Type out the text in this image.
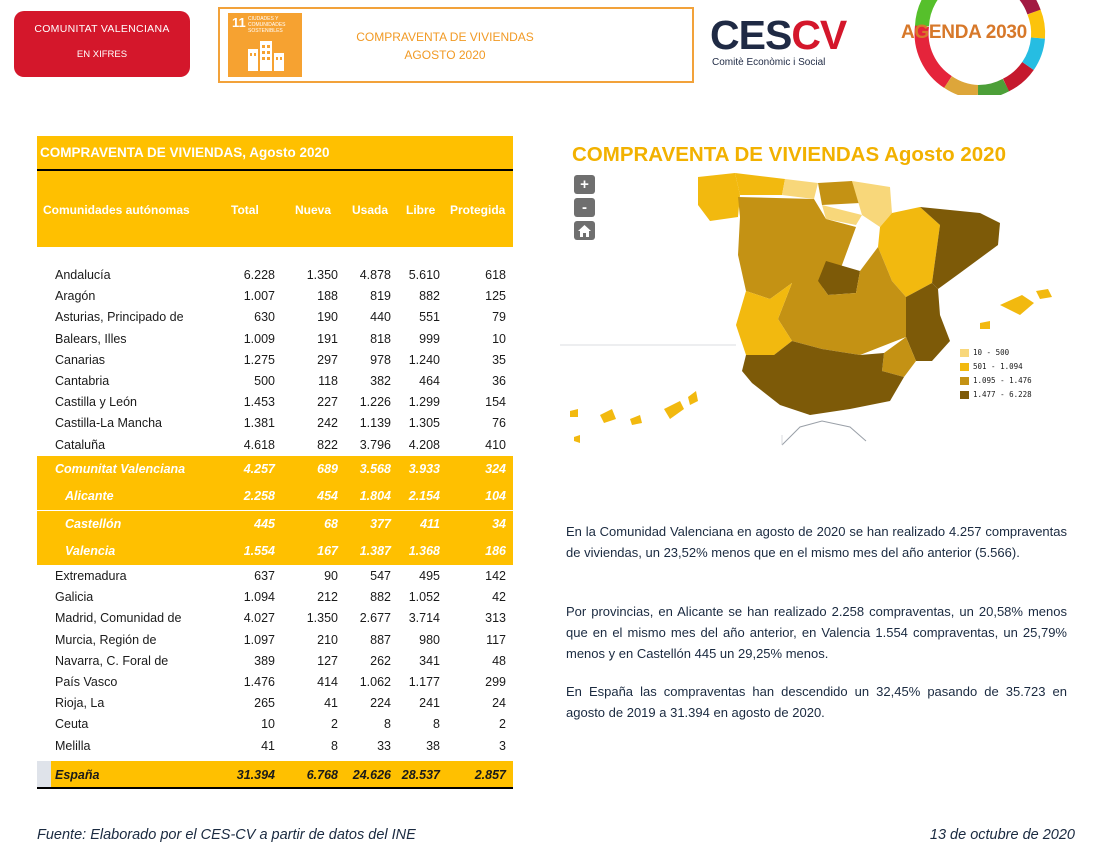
COMUNITAT VALENCIANA
EN XIFRES
11 CIUDADES Y COMUNIDADES SOSTENIBLES	COMPRAVENTA DE VIVIENDAS
AGOSTO 2020	CESCV
Comitè Econòmic i Social
AGENDA 2030
COMPRAVENTA DE VIVIENDAS, Agosto 2020
Comunidades autónomas	Total	Nueva Usada Libre Protegida
Andalucía	6.228	1.350 4.878 5.610	618
Aragón	1.007	188	819 882	125
Asturias, Principado de	630	190	440 551	79
Balears, Illes	1.009	191	818 999	10
Canarias	1.275	297	978 1.240	35
Cantabria	500	118	382 464	36
Castilla y León	1.453	227 1.226 1.299	154
Castilla-La Mancha	1.381	242 1.139 1.305	76
Cataluña	4.618	822 3.796 4.208	410
Comunitat Valenciana	4.257	689 3.568 3.933	324
Alicante	2.258	454 1.804 2.154	104
Castellón	445	68	377 411	34
Valencia	1.554	167 1.387 1.368	186
Extremadura	637	90	547 495	142
Galicia	1.094	212	882 1.052	42
Madrid, Comunidad de	4.027	1.350 2.677 3.714	313
Murcia, Región de	1.097	210	887 980	117
Navarra, C. Foral de	389	127	262 341	48
País Vasco	1.476	414 1.062 1.177	299
Rioja, La	265	41	224 241	24
Ceuta	10	2	8	8	2
Melilla	41	8	33	38	3
España	31.394	6.768 24.626 28.537	2.857
COMPRAVENTA DE VIVIENDAS Agosto 2020
+
-
10 - 500
501 - 1.094
1.095 - 1.476
1.477 - 6.228
En la Comunidad Valenciana en agosto de 2020 se han realizado 4.257 compraventas de viviendas, un 23,52% menos que en el mismo mes del año anterior (5.566).
Por provincias, en Alicante se han realizado 2.258 compraventas, un 20,58% menos que en el mismo mes del año anterior, en Valencia 1.554 compraventas, un 25,79% menos y en Castellón 445 un 29,25% menos.
En España las compraventas han descendido un 32,45% pasando de 35.723 en agosto de 2019 a 31.394 en agosto de 2020.
Fuente: Elaborado por el CES-CV a partir de datos del INE	13 de octubre de 2020
